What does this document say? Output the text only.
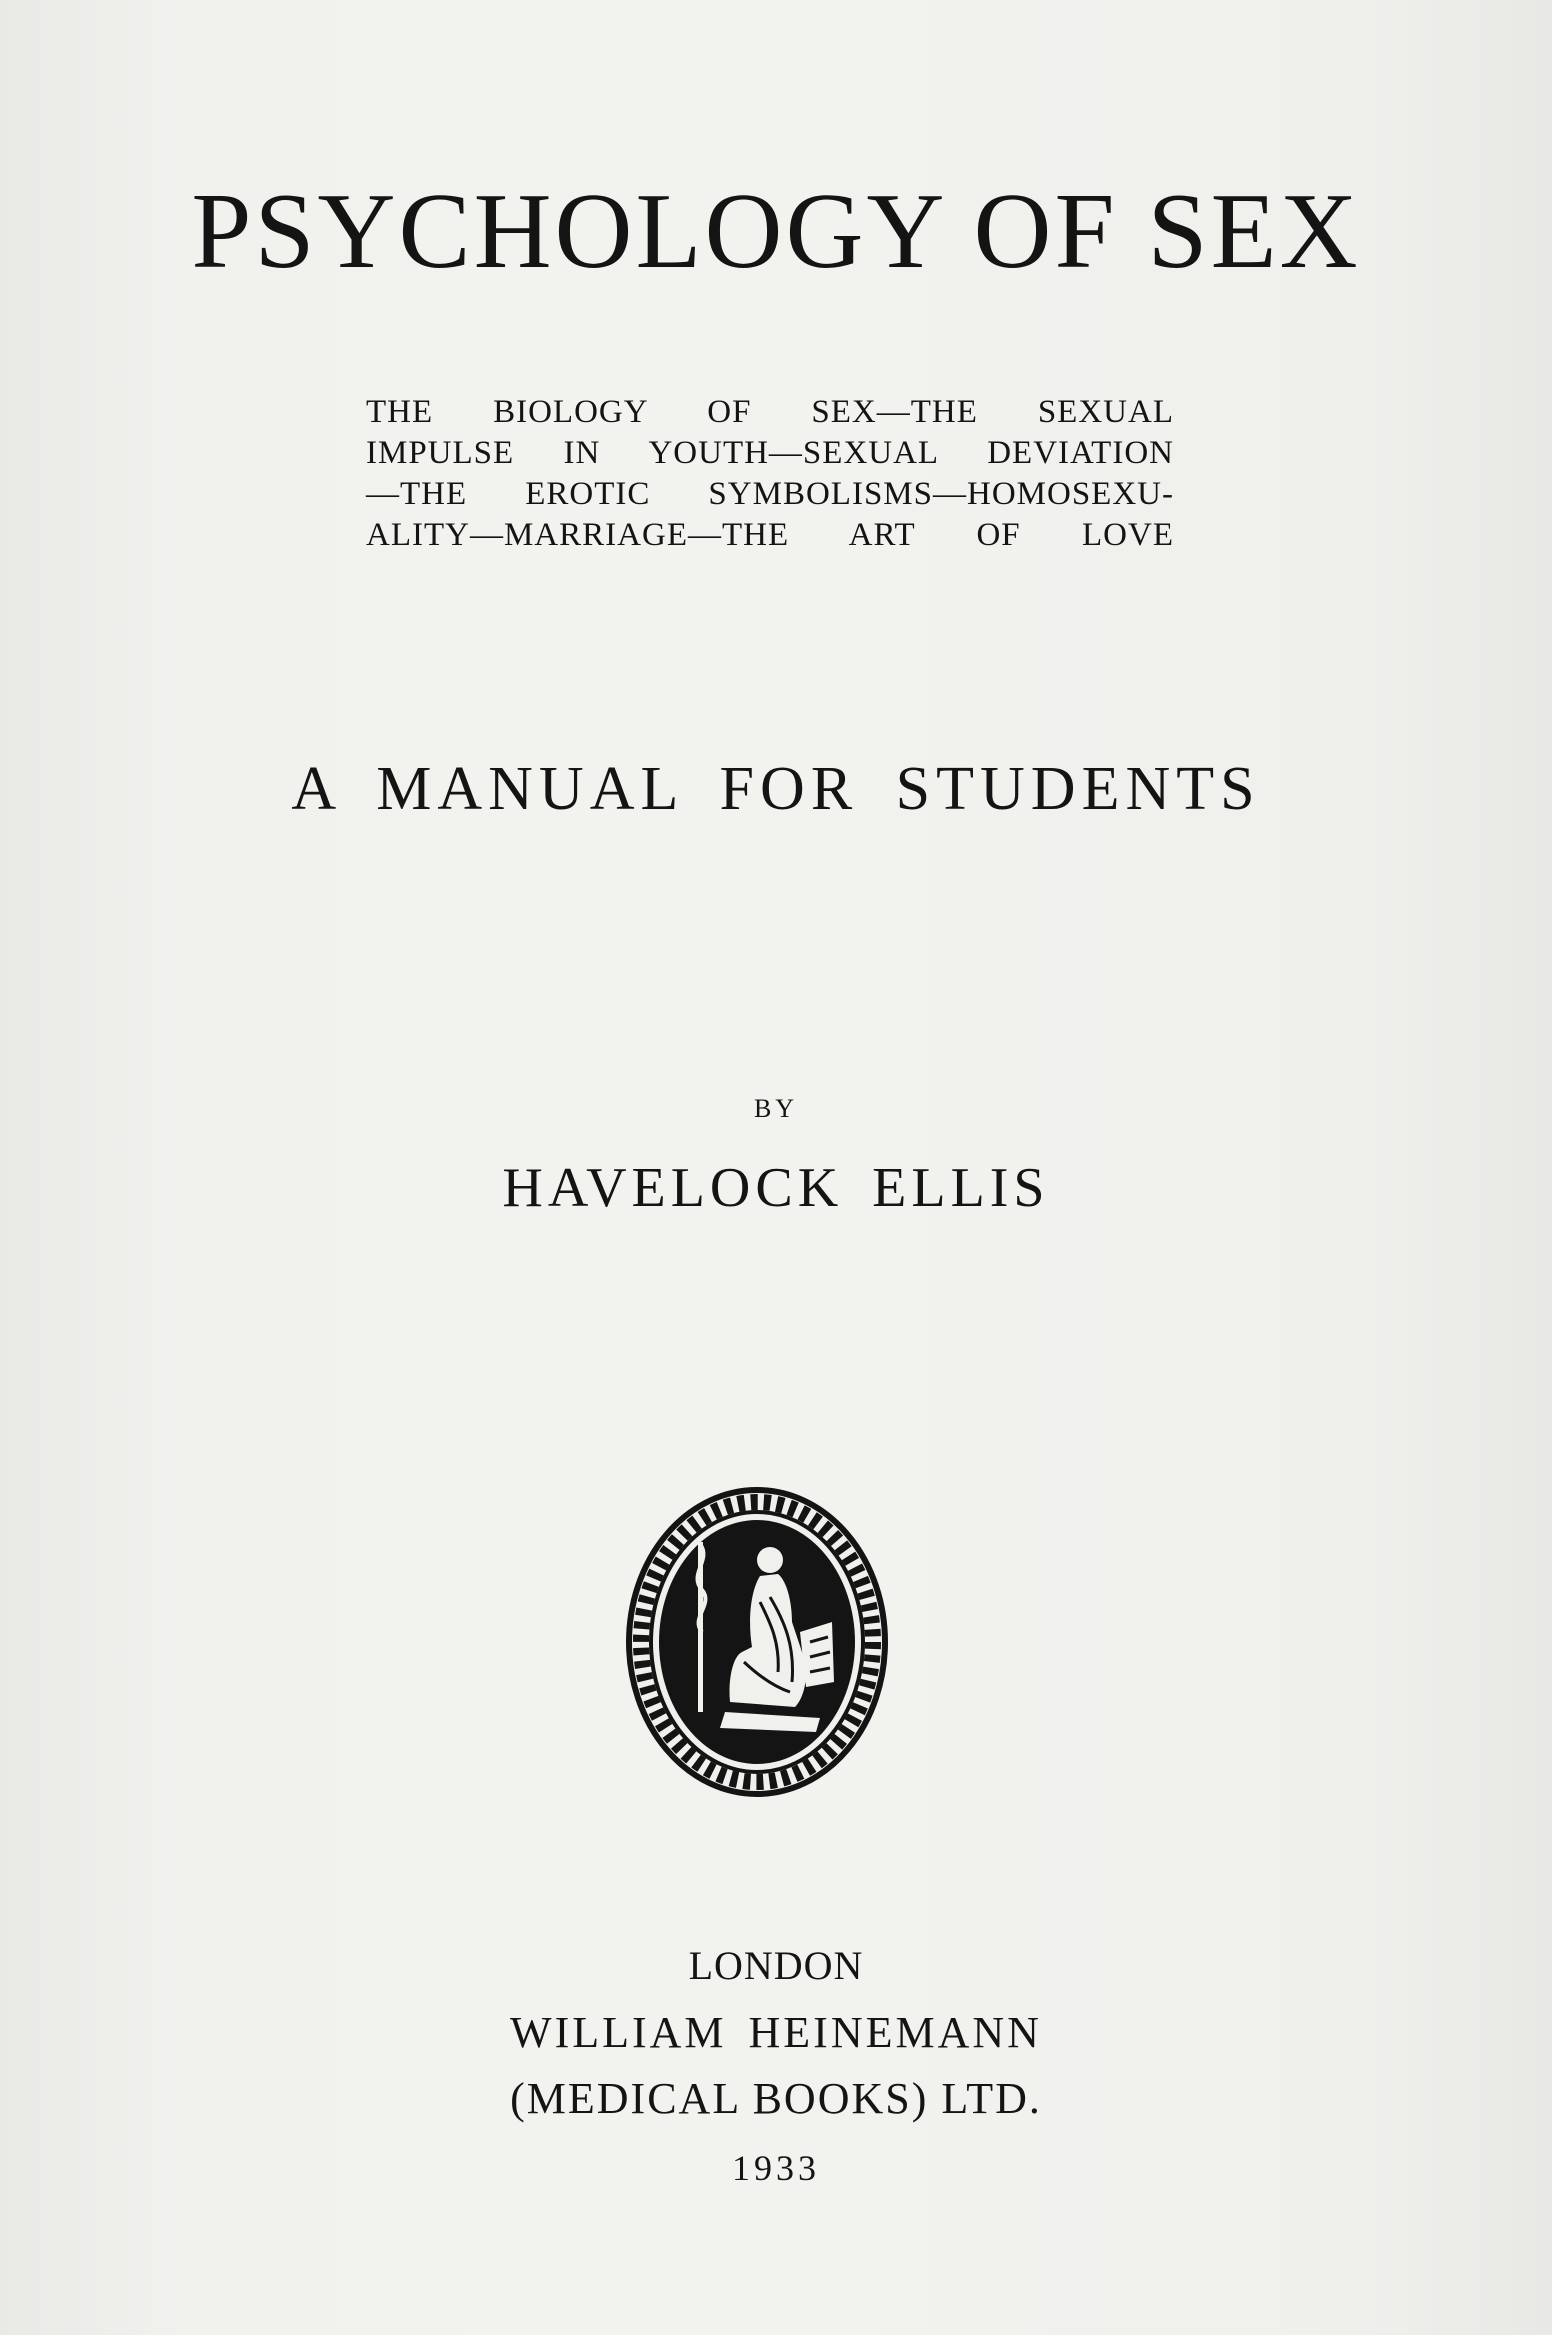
PSYCHOLOGY OF SEX
THE BIOLOGY OF SEX—THE SEXUAL
IMPULSE IN YOUTH—SEXUAL DEVIATION
—THE EROTIC SYMBOLISMS—HOMOSEXU-
ALITY—MARRIAGE—THE ART OF LOVE
A MANUAL FOR STUDENTS
BY
HAVELOCK ELLIS
LONDON
WILLIAM HEINEMANN
(MEDICAL BOOKS) LTD.
1933
